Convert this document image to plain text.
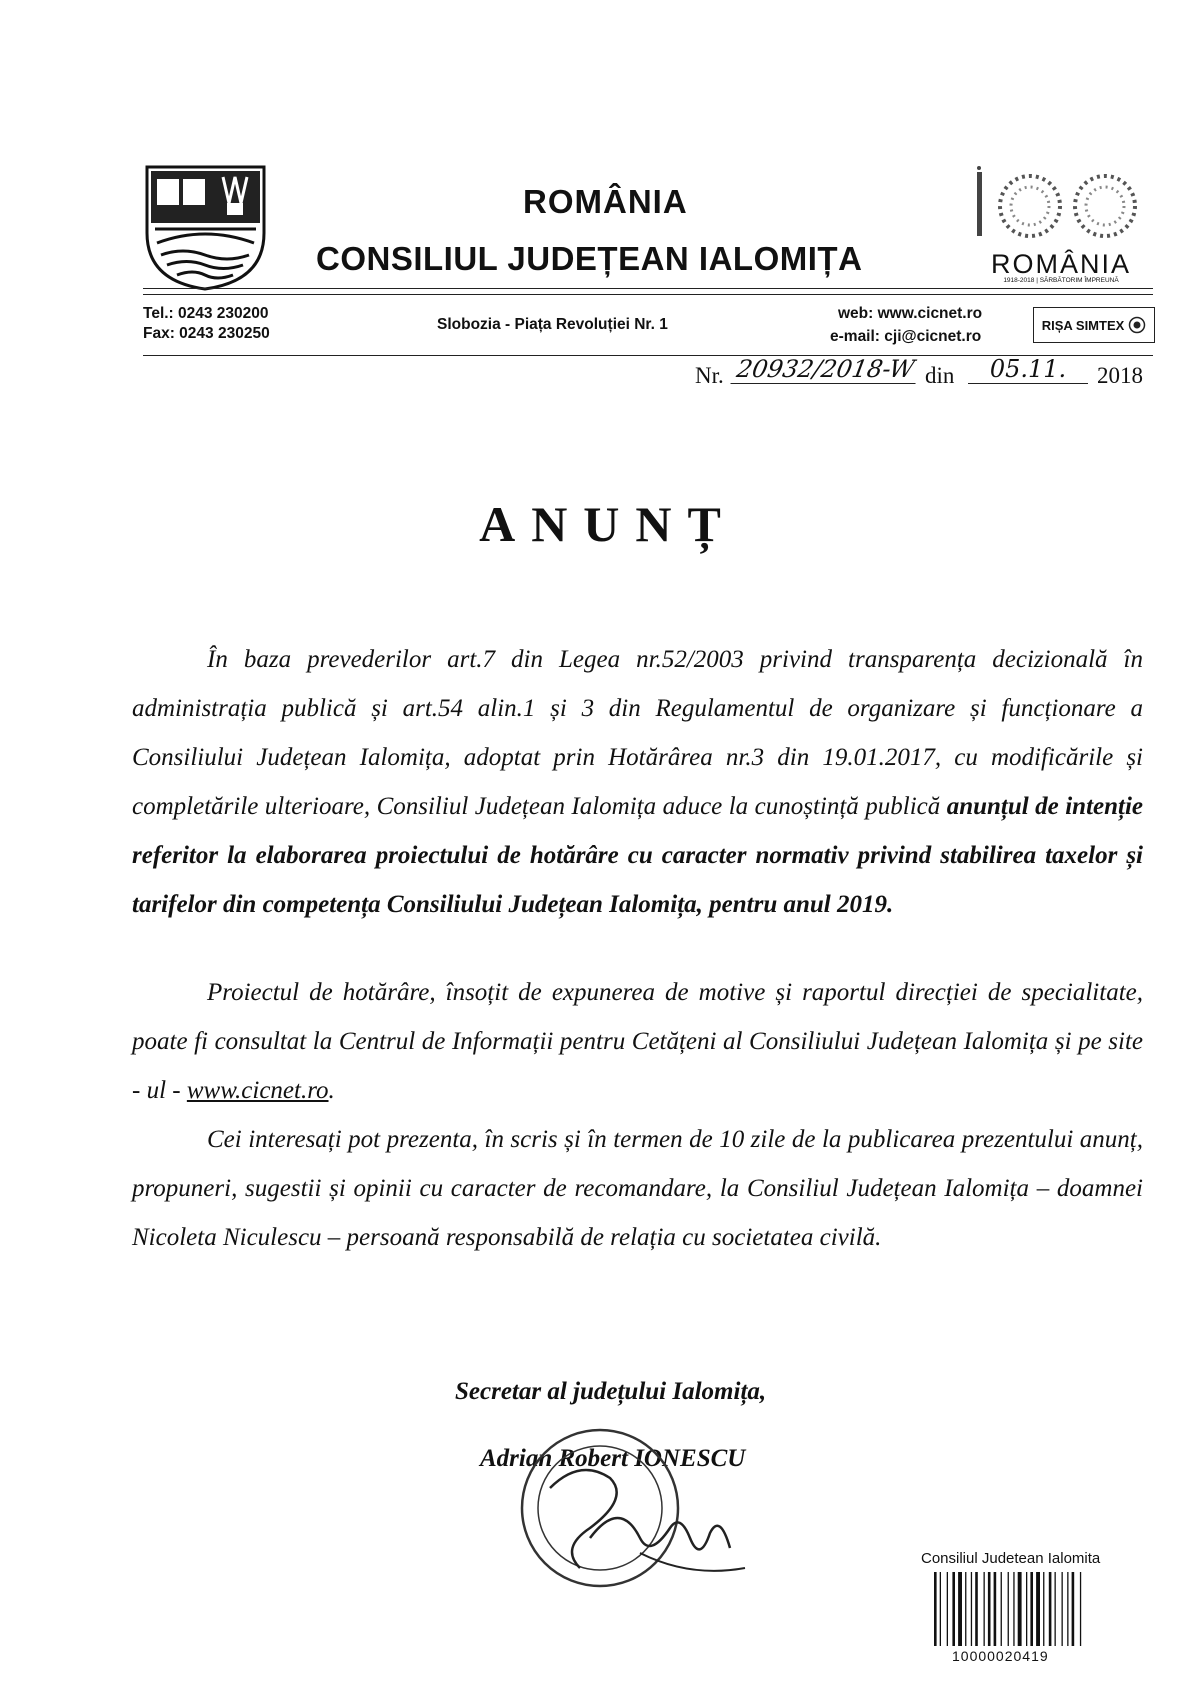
ROMÂNIA
CONSILIUL JUDEȚEAN IALOMIȚA	ROMÂNIA
1918-2018 | SĂRBĂTORIM ÎMPREUNĂ
Tel.: 0243 230200
Fax: 0243 230250
Slobozia - Piața Revoluției Nr. 1
web: www.cicnet.ro
e-mail: cji@cicnet.ro
RIȘA SIMTEX
Nr. 20932/2018-W din	05.11.	2018
ANUNȚ

În baza prevederilor art.7 din Legea nr.52/2003 privind transparența decizională în administrația publică și art.54 alin.1 și 3 din Regulamentul de organizare și funcționare a Consiliului Județean Ialomița, adoptat prin Hotărârea nr.3 din 19.01.2017, cu modificările și completările ulterioare, Consiliul Județean Ialomița aduce la cunoștință publică anunțul de intenție referitor la elaborarea proiectului de hotărâre cu caracter normativ privind stabilirea taxelor și tarifelor din competența Consiliului Județean Ialomița, pentru anul 2019.

Proiectul de hotărâre, însoțit de expunerea de motive și raportul direcției de specialitate, poate fi consultat la Centrul de Informații pentru Cetățeni al Consiliului Județean Ialomița și pe site - ul - www.cicnet.ro.

Cei interesați pot prezenta, în scris și în termen de 10 zile de la publicarea prezentului anunț, propuneri, sugestii și opinii cu caracter de recomandare, la Consiliul Județean Ialomița – doamnei Nicoleta Niculescu – persoană responsabilă de relația cu societatea civilă.

Secretar al județului Ialomița,
Adrian Robert IONESCU
Consiliul Judetean Ialomita
10000020419
